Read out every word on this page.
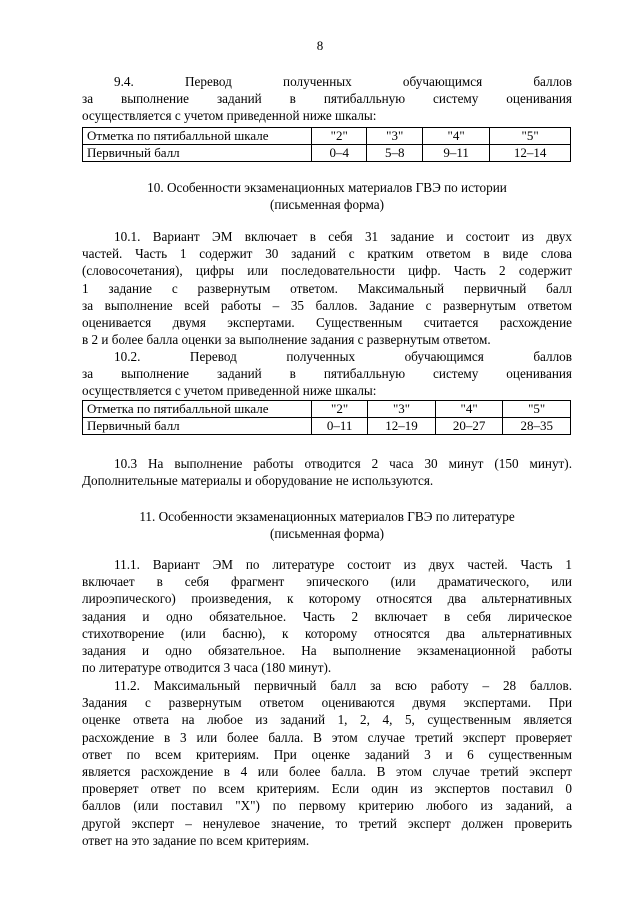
8
9.4. Перевод полученных обучающимся баллов
за выполнение заданий в пятибалльную систему оценивания
осуществляется с учетом приведенной ниже шкалы:
Отметка по пятибалльной шкале	"2"	"3"	"4"	"5"
Первичный балл	0–4	5–8	9–11	12–14
10. Особенности экзаменационных материалов ГВЭ по истории
(письменная форма)
10.1. Вариант ЭМ включает в себя 31 задание и состоит из двух
частей. Часть 1 содержит 30 заданий с кратким ответом в виде слова
(словосочетания), цифры или последовательности цифр. Часть 2 содержит
1 задание с развернутым ответом. Максимальный первичный балл
за выполнение всей работы – 35 баллов. Задание с развернутым ответом
оценивается двумя экспертами. Существенным считается расхождение
в 2 и более балла оценки за выполнение задания с развернутым ответом.
10.2. Перевод полученных обучающимся баллов
за выполнение заданий в пятибалльную систему оценивания
осуществляется с учетом приведенной ниже шкалы:
Отметка по пятибалльной шкале	"2"	"3"	"4"	"5"
Первичный балл	0–11	12–19	20–27	28–35
10.3 На выполнение работы отводится 2 часа 30 минут (150 минут).
Дополнительные материалы и оборудование не используются.
11. Особенности экзаменационных материалов ГВЭ по литературе
(письменная форма)
11.1. Вариант ЭМ по литературе состоит из двух частей. Часть 1
включает в себя фрагмент эпического (или драматического, или
лироэпического) произведения, к которому относятся два альтернативных
задания и одно обязательное. Часть 2 включает в себя лирическое
стихотворение (или басню), к которому относятся два альтернативных
задания и одно обязательное. На выполнение экзаменационной работы
по литературе отводится 3 часа (180 минут).
11.2. Максимальный первичный балл за всю работу – 28 баллов.
Задания с развернутым ответом оцениваются двумя экспертами. При
оценке ответа на любое из заданий 1, 2, 4, 5, существенным является
расхождение в 3 или более балла. В этом случае третий эксперт проверяет
ответ по всем критериям. При оценке заданий 3 и 6 существенным
является расхождение в 4 или более балла. В этом случае третий эксперт
проверяет ответ по всем критериям. Если один из экспертов поставил 0
баллов (или поставил "Х") по первому критерию любого из заданий, а
другой эксперт – ненулевое значение, то третий эксперт должен проверить
ответ на это задание по всем критериям.
